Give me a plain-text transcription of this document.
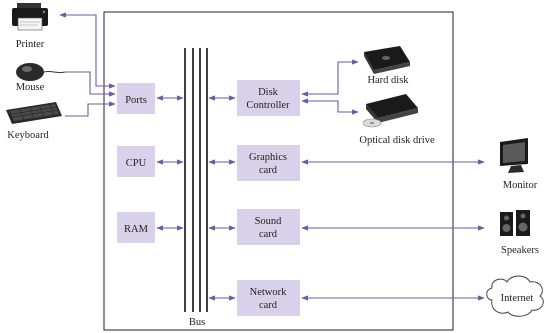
Bus
Ports
CPU
RAM
Disk
Controller
Graphics
card
Sound
card
Network
card
Printer
Mouse
Keyboard
Hard disk
Optical disk drive
Monitor
Speakers
Internet
